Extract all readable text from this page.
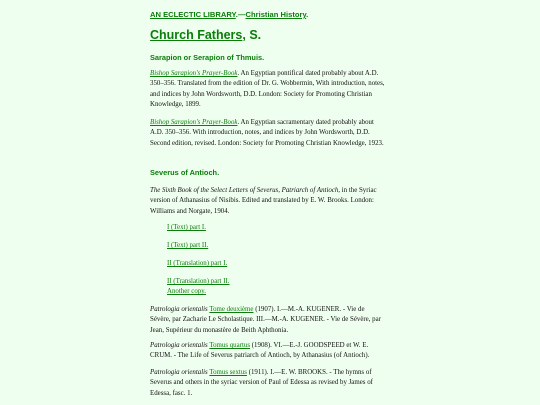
AN ECLECTIC LIBRARY.—Christian History.
Church Fathers, S.
Sarapion or Serapion of Thmuis.
Bishop Sarapion's Prayer-Book. An Egyptian pontifical dated probably about A.D. 350–356. Translated from the edition of Dr. G. Wobbermin, With introduction, notes, and indices by John Wordsworth, D.D. London: Society for Promoting Christian Knowledge, 1899.
Bishop Sarapion's Prayer-Book. An Egyptian sacramentary dated probably about A.D. 350–356. With introduction, notes, and indices by John Wordsworth, D.D. Second edition, revised. London: Society for Promoting Christian Knowledge, 1923.
Severus of Antioch.
The Sixth Book of the Select Letters of Severus, Patriarch of Antioch, in the Syriac version of Athanasius of Nisibis. Edited and translated by E. W. Brooks. London: Williams and Norgate, 1904.
I (Text) part I.
I (Text) part II.
II (Translation) part I.
II (Translation) part II.
Another copy.
Patrologia orientalis Tome deuxième (1907). I.—M.-A. KUGENER. - Vie de Sévère, par Zacharie Le Scholastique. III.—M.-A. KUGENER. - Vie de Sévère, par Jean, Supérieur du monastère de Beith Aphthonia.
Patrologia orientalis Tomus quartus (1908). VI.—E.-J. GOODSPEED et W. E. CRUM. - The Life of Severus patriarch of Antioch, by Athanasius (of Antioch).
Patrologia orientalis Tomus sextus (1911). I.—E. W. BROOKS. - The hymns of Severus and others in the syriac version of Paul of Edessa as revised by James of Edessa, fasc. 1.
